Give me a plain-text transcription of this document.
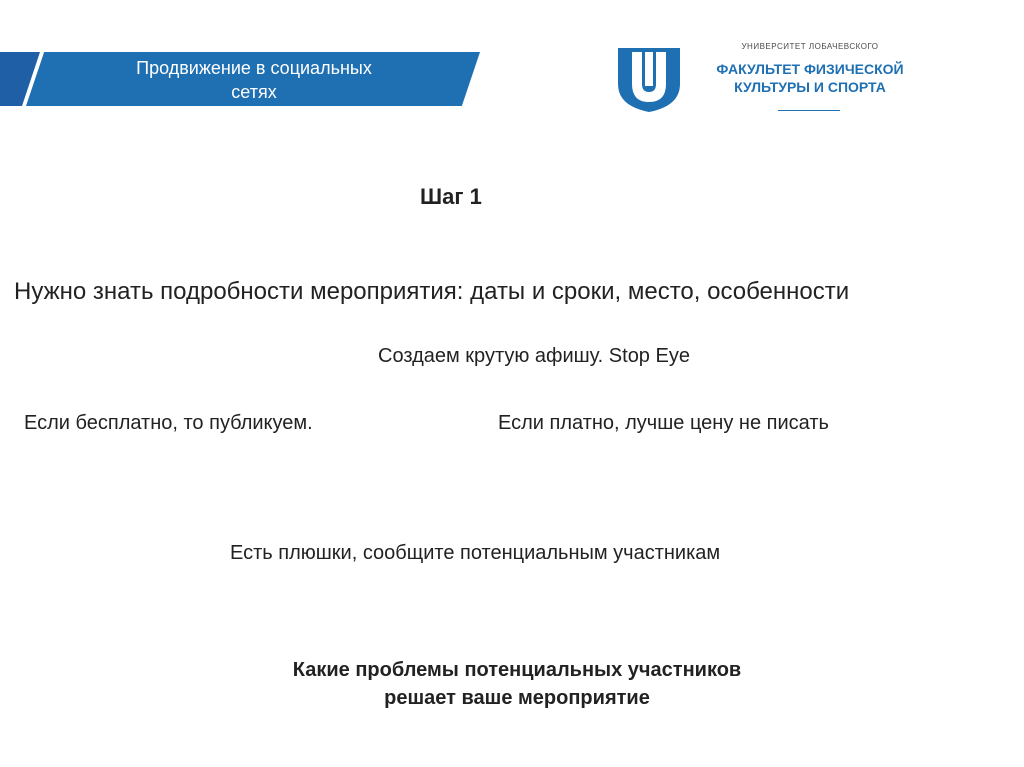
Продвижение в социальных
сетях
УНИВЕРСИТЕТ ЛОБАЧЕВСКОГО
ФАКУЛЬТЕТ ФИЗИЧЕСКОЙ
КУЛЬТУРЫ И СПОРТА
Шаг 1
Нужно знать подробности мероприятия: даты и сроки, место, особенности
Создаем крутую афишу. Stop Eye
Если бесплатно, то публикуем.	Если платно, лучше цену не писать
Есть плюшки, сообщите потенциальным участникам
Какие проблемы потенциальных участников
решает ваше мероприятие
